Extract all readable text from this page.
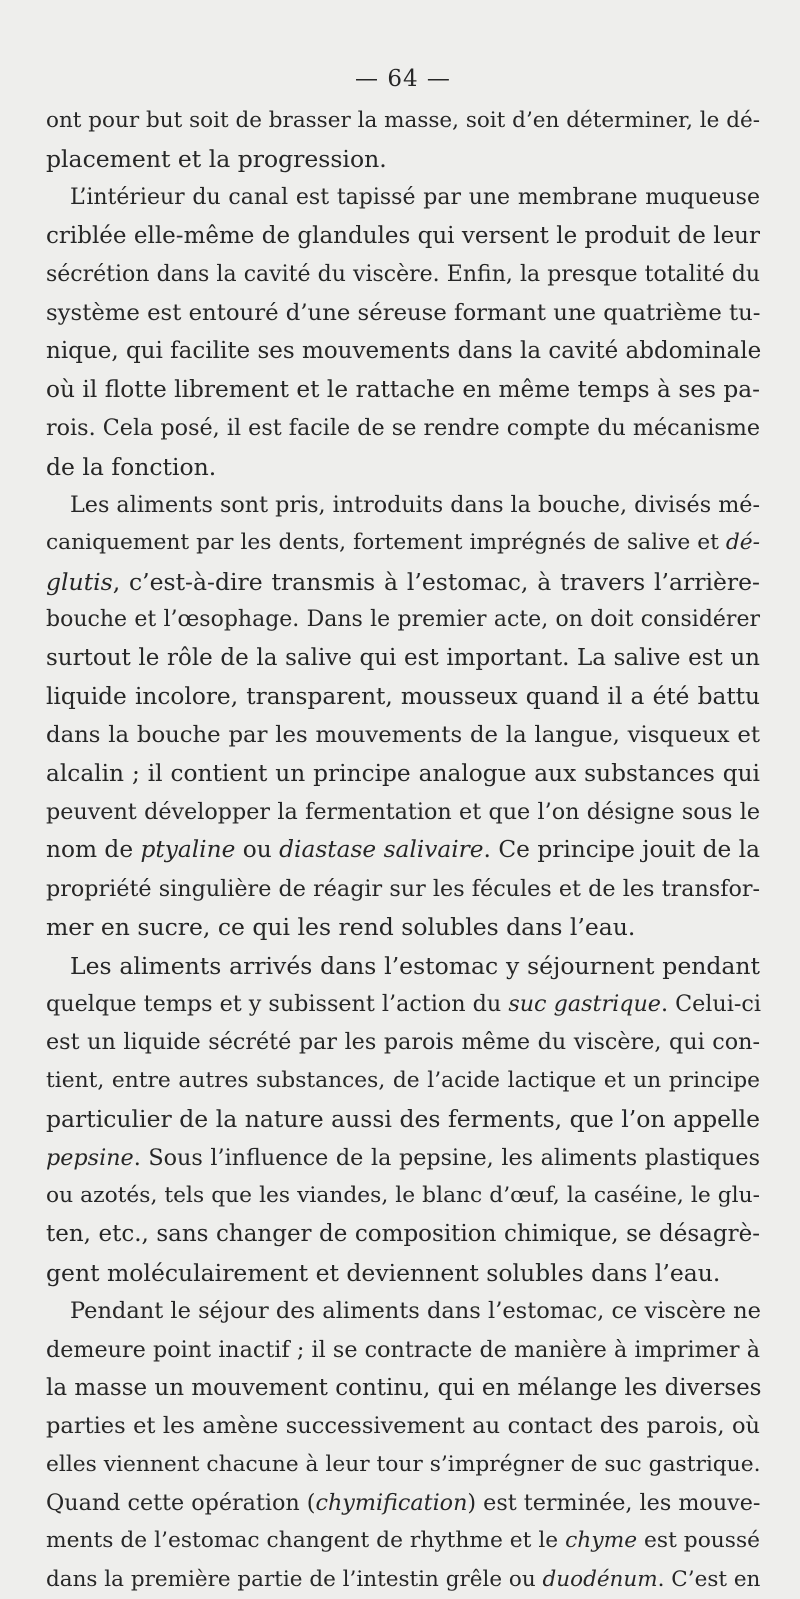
— 64 —
ont pour but soit de brasser la masse, soit d’en déterminer, le dé-
placement et la progression.
L’intérieur du canal est tapissé par une membrane muqueuse
criblée elle-même de glandules qui versent le produit de leur
sécrétion dans la cavité du viscère. Enfin, la presque totalité du
système est entouré d’une séreuse formant une quatrième tu-
nique, qui facilite ses mouvements dans la cavité abdominale
où il flotte librement et le rattache en même temps à ses pa-
rois. Cela posé, il est facile de se rendre compte du mécanisme
de la fonction.
Les aliments sont pris, introduits dans la bouche, divisés mé-
caniquement par les dents, fortement imprégnés de salive et dé-
glutis, c’est-à-dire transmis à l’estomac, à travers l’arrière-
bouche et l’œsophage. Dans le premier acte, on doit considérer
surtout le rôle de la salive qui est important. La salive est un
liquide incolore, transparent, mousseux quand il a été battu
dans la bouche par les mouvements de la langue, visqueux et
alcalin ; il contient un principe analogue aux substances qui
peuvent développer la fermentation et que l’on désigne sous le
nom de ptyaline ou diastase salivaire. Ce principe jouit de la
propriété singulière de réagir sur les fécules et de les transfor-
mer en sucre, ce qui les rend solubles dans l’eau.
Les aliments arrivés dans l’estomac y séjournent pendant
quelque temps et y subissent l’action du suc gastrique. Celui-ci
est un liquide sécrété par les parois même du viscère, qui con-
tient, entre autres substances, de l’acide lactique et un principe
particulier de la nature aussi des ferments, que l’on appelle
pepsine. Sous l’influence de la pepsine, les aliments plastiques
ou azotés, tels que les viandes, le blanc d’œuf, la caséine, le glu-
ten, etc., sans changer de composition chimique, se désagrè-
gent moléculairement et deviennent solubles dans l’eau.
Pendant le séjour des aliments dans l’estomac, ce viscère ne
demeure point inactif ; il se contracte de manière à imprimer à
la masse un mouvement continu, qui en mélange les diverses
parties et les amène successivement au contact des parois, où
elles viennent chacune à leur tour s’imprégner de suc gastrique.
Quand cette opération (chymification) est terminée, les mouve-
ments de l’estomac changent de rhythme et le chyme est poussé
dans la première partie de l’intestin grêle ou duodénum. C’est en
